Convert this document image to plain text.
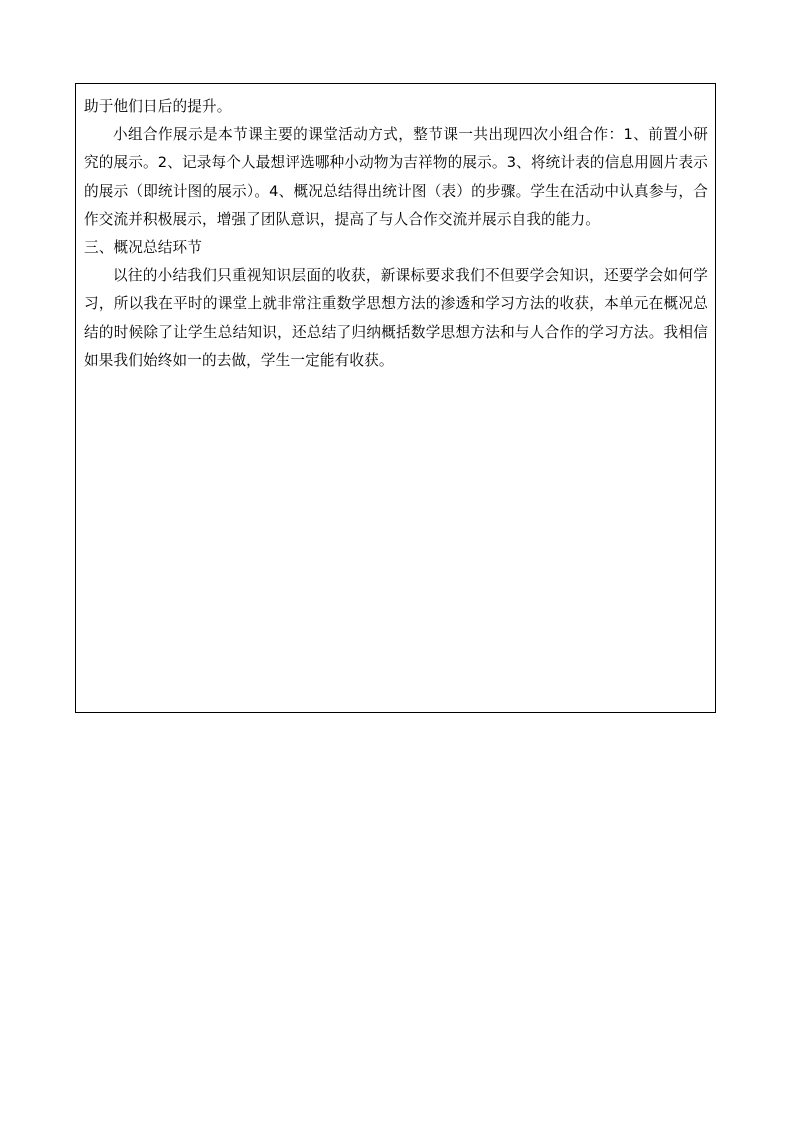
助于他们日后的提升。

小组合作展示是本节课主要的课堂活动方式，整节课一共出现四次小组合作：1、前置小研究的展示。2、记录每个人最想评选哪种小动物为吉祥物的展示。3、将统计表的信息用圆片表示的展示（即统计图的展示）。4、概况总结得出统计图（表）的步骤。学生在活动中认真参与，合作交流并积极展示，增强了团队意识，提高了与人合作交流并展示自我的能力。

三、概况总结环节

以往的小结我们只重视知识层面的收获，新课标要求我们不但要学会知识，还要学会如何学习，所以我在平时的课堂上就非常注重数学思想方法的渗透和学习方法的收获，本单元在概况总结的时候除了让学生总结知识，还总结了归纳概括数学思想方法和与人合作的学习方法。我相信如果我们始终如一的去做，学生一定能有收获。
